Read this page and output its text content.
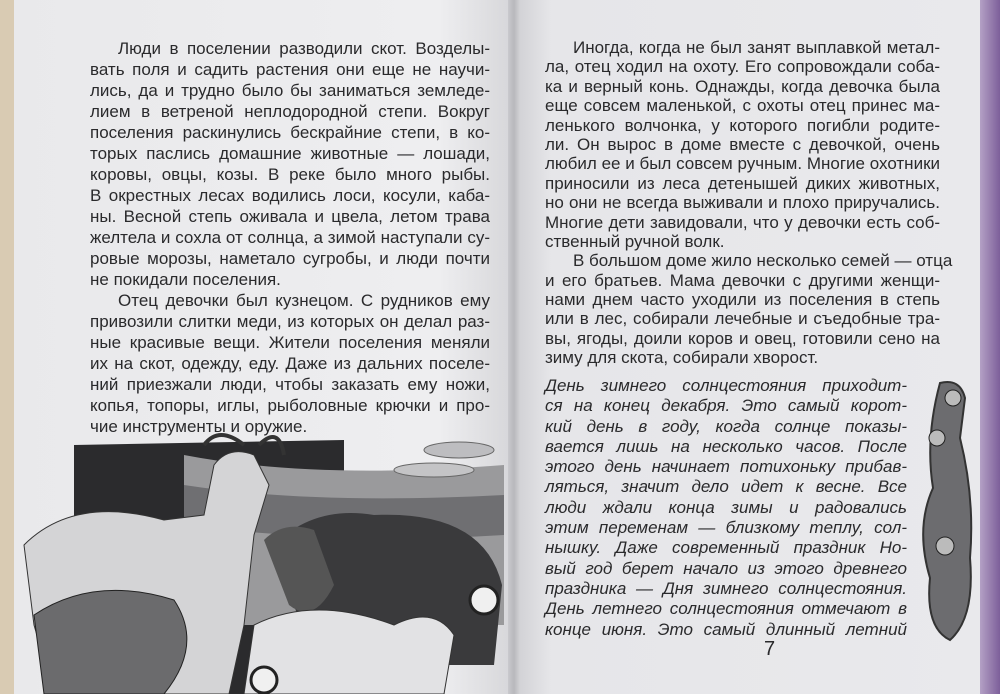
Люди в поселении разводили скот. Возделы-
вать поля и садить растения они еще не научи-
лись, да и трудно было бы заниматься земледе-
лием в ветреной неплодородной степи. Вокруг
поселения раскинулись бескрайние степи, в ко-
торых паслись домашние животные — лошади,
коровы, овцы, козы. В реке было много рыбы.
В окрестных лесах водились лоси, косули, каба-
ны. Весной степь оживала и цвела, летом трава
желтела и сохла от солнца, а зимой наступали су-
ровые морозы, наметало сугробы, и люди почти
не покидали поселения.
Отец девочки был кузнецом. С рудников ему
привозили слитки меди, из которых он делал раз-
ные красивые вещи. Жители поселения меняли
их на скот, одежду, еду. Даже из дальних поселе-
ний приезжали люди, чтобы заказать ему ножи,
копья, топоры, иглы, рыболовные крючки и про-
чие инструменты и оружие.
Иногда, когда не был занят выплавкой метал-
ла, отец ходил на охоту. Его сопровождали соба-
ка и верный конь. Однажды, когда девочка была
еще совсем маленькой, с охоты отец принес ма-
ленького волчонка, у которого погибли родите-
ли. Он вырос в доме вместе с девочкой, очень
любил ее и был совсем ручным. Многие охотники
приносили из леса детенышей диких животных,
но они не всегда выживали и плохо приручались.
Многие дети завидовали, что у девочки есть соб-
ственный ручной волк.
В большом доме жило несколько семей — отца
и его братьев. Мама девочки с другими женщи-
нами днем часто уходили из поселения в степь
или в лес, собирали лечебные и съедобные тра-
вы, ягоды, доили коров и овец, готовили сено на
зиму для скота, собирали хворост.
День зимнего солнцестояния приходит-
ся на конец декабря. Это самый корот-
кий день в году, когда солнце показы-
вается лишь на несколько часов. После
этого день начинает потихоньку прибав-
ляться, значит дело идет к весне. Все
люди ждали конца зимы и радовались
этим переменам — близкому теплу, сол-
нышку. Даже современный праздник Но-
вый год берет начало из этого древнего
праздника — Дня зимнего солнцестояния.
День летнего солнцестояния отмечают в
конце июня. Это самый длинный летний
7
